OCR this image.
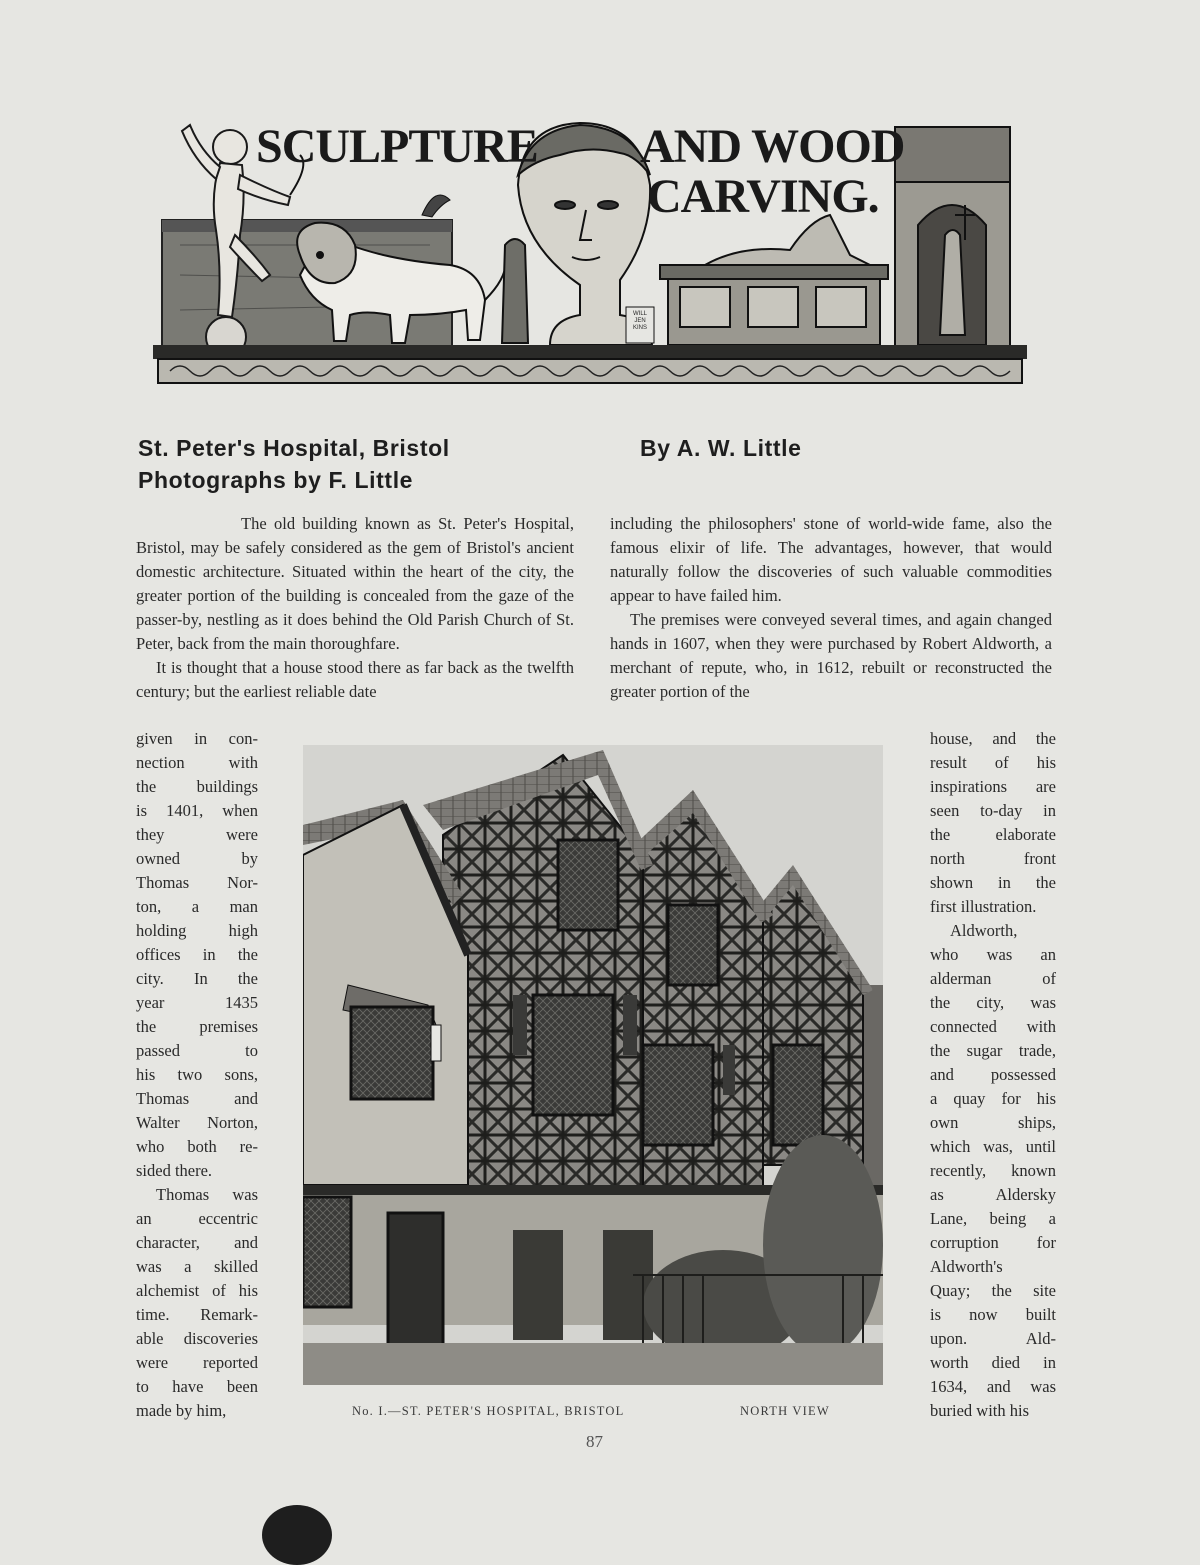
SCULPTURE AND WOOD
CARVING.
WILL JEN KINS
St. Peter's Hospital, Bristol
Photographs by F. Little
By A. W. Little

The old building known as St. Peter's Hospital, Bristol, may be safely considered as the gem of Bristol's ancient domestic architecture. Situated within the heart of the city, the greater portion of the building is concealed from the gaze of the passer-by, nestling as it does behind the Old Parish Church of St. Peter, back from the main thoroughfare.

It is thought that a house stood there as far back as the twelfth century; but the earliest reliable date

including the philosophers' stone of world-wide fame, also the famous elixir of life. The advantages, however, that would naturally follow the discoveries of such valuable commodities appear to have failed him.

The premises were conveyed several times, and again changed hands in 1607, when they were purchased by Robert Aldworth, a merchant of repute, who, in 1612, rebuilt or reconstructed the greater portion of the

given in con-
nection with
the buildings
is 1401, when
they were
owned by
Thomas Nor-
ton, a man
holding high
offices in the
city. In the
year 1435
the premises
passed to
his two sons,
Thomas and
Walter Norton,
who both re-
sided there.
Thomas was
an eccentric
character, and
was a skilled
alchemist of his
time. Remark-
able discoveries
were reported
to have been
made by him,
house, and the
result of his
inspirations are
seen to-day in
the elaborate
north front
shown in the
first illustration.
Aldworth,
who was an
alderman of
the city, was
connected with
the sugar trade,
and possessed
a quay for his
own ships,
which was, until
recently, known
as Aldersky
Lane, being a
corruption for
Aldworth's
Quay; the site
is now built
upon. Ald-
worth died in
1634, and was
buried with his
No. I.—ST. PETER'S HOSPITAL, BRISTOL	NORTH VIEW
87
